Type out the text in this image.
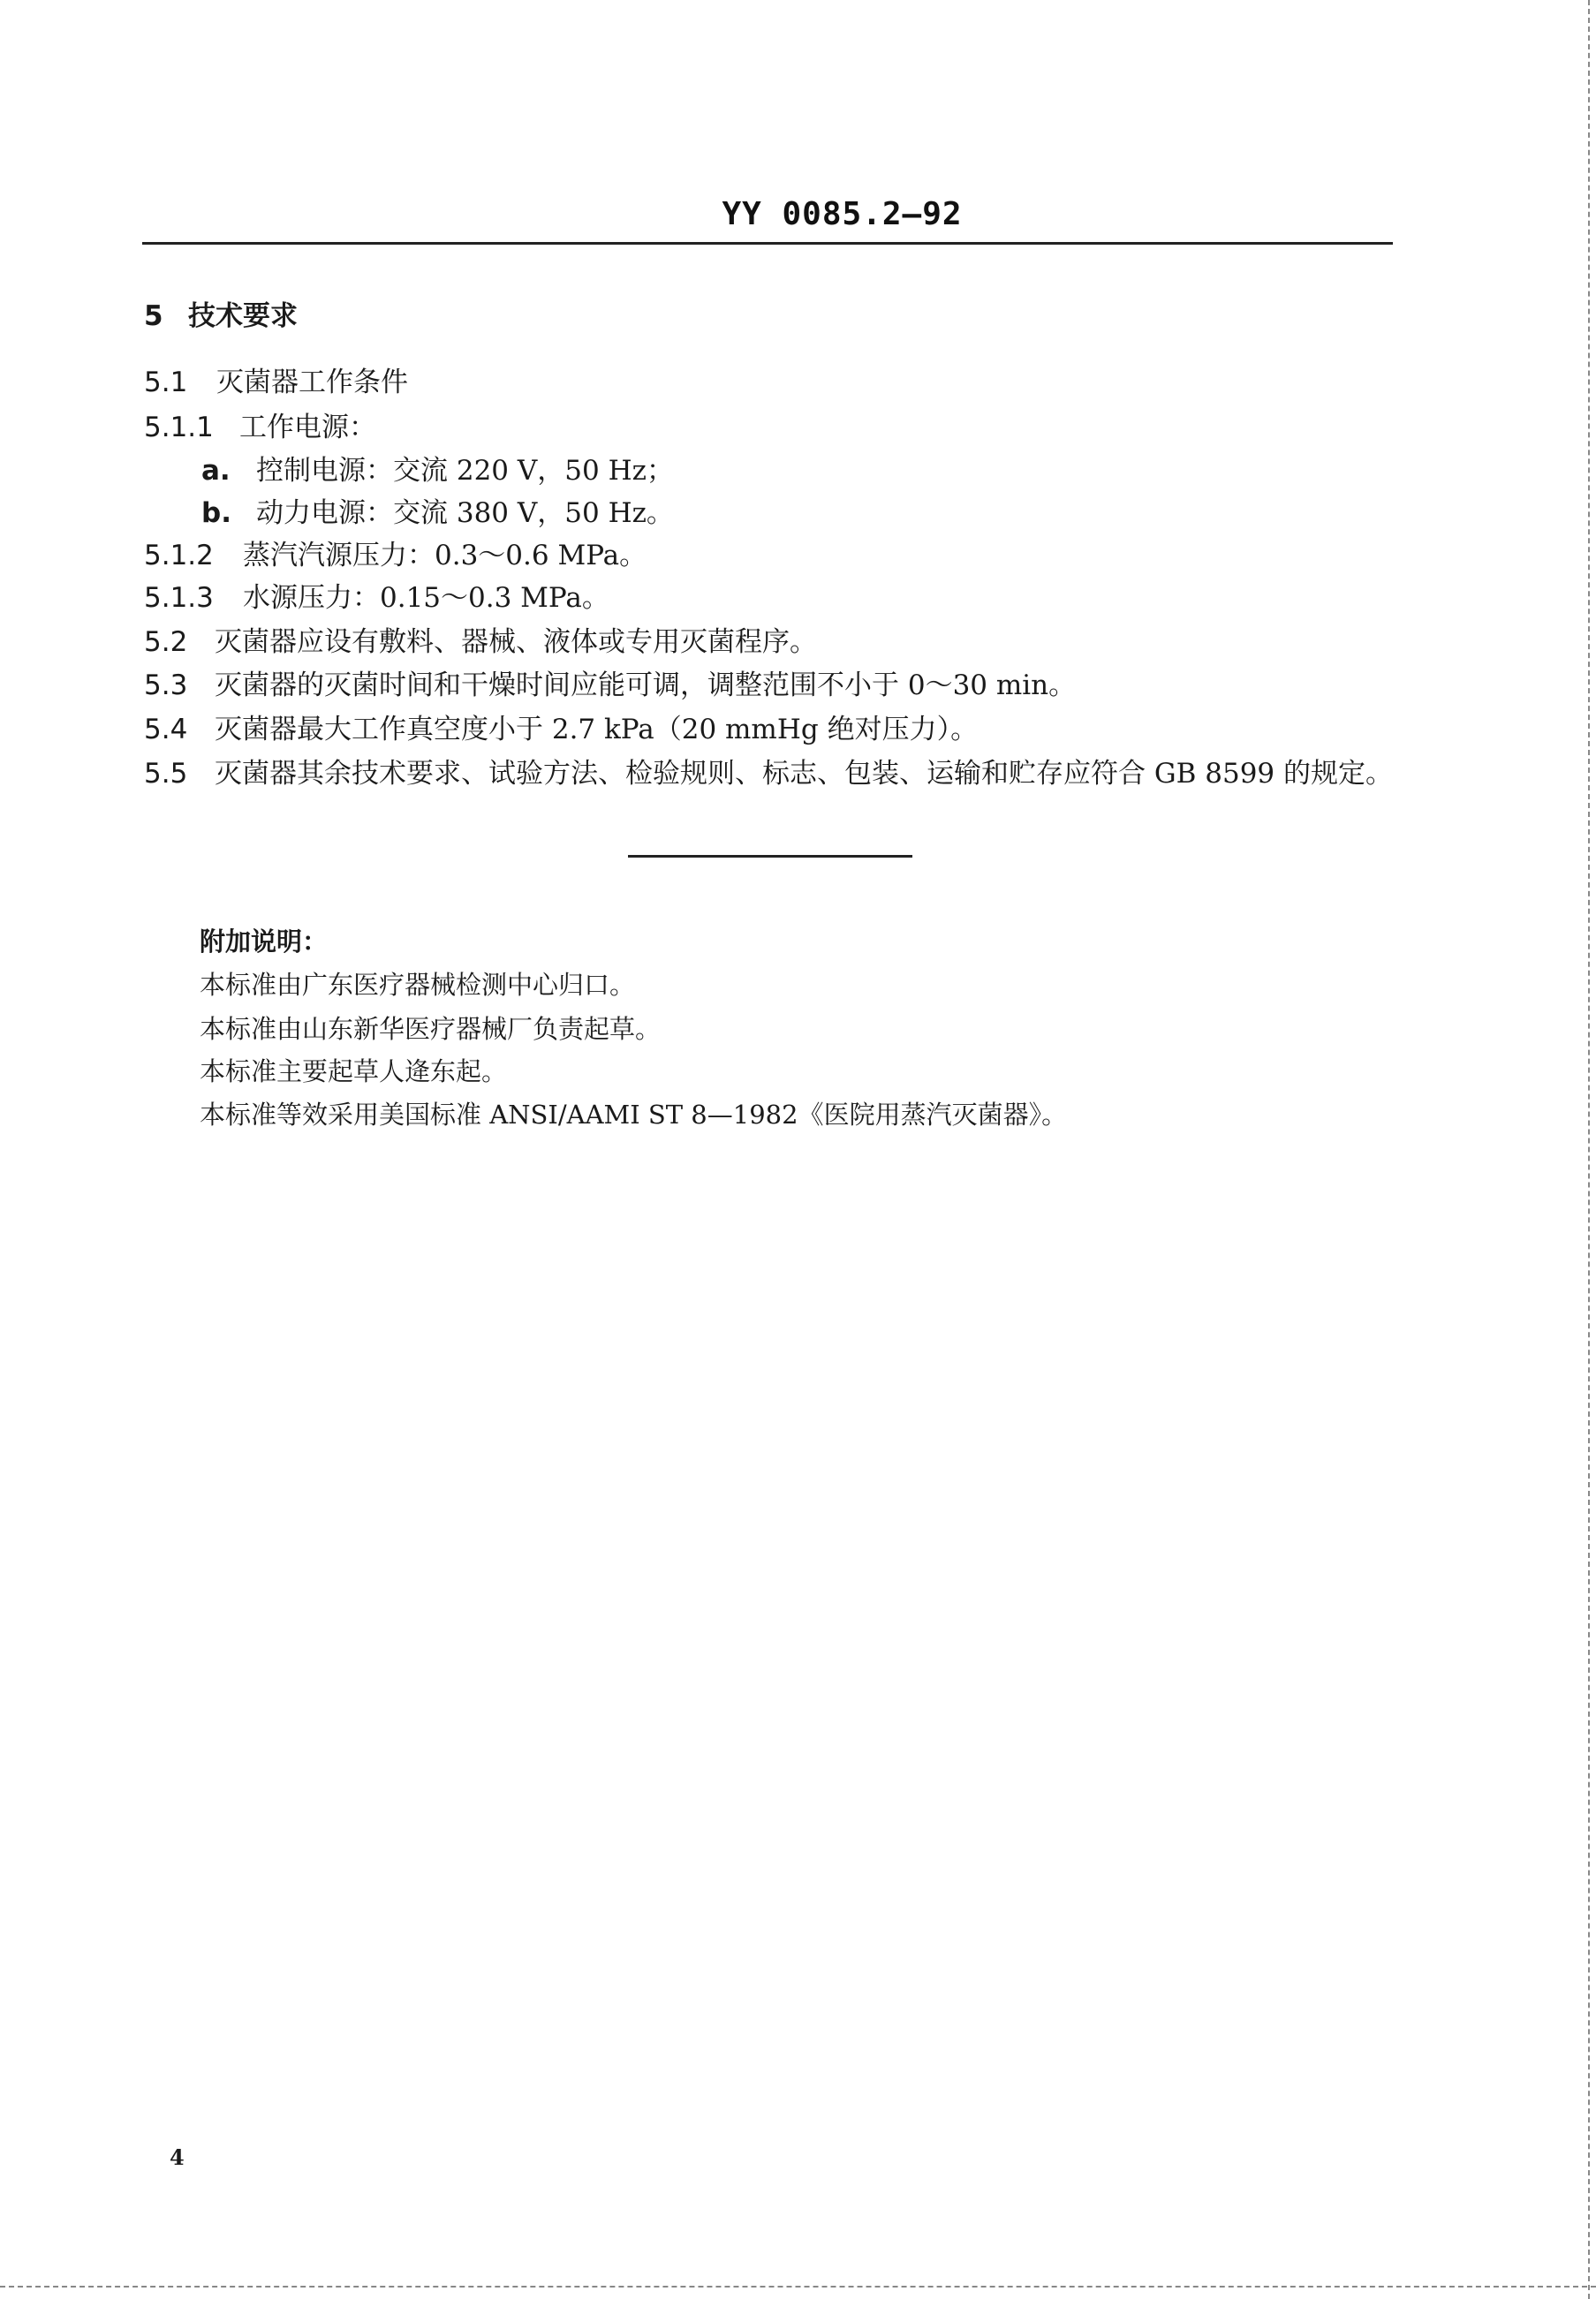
YY 0085.2—92
5 技术要求
5.1 灭菌器工作条件
5.1.1 工作电源：
a. 控制电源：交流 220 V，50 Hz；
b. 动力电源：交流 380 V，50 Hz。
5.1.2 蒸汽汽源压力：0.3～0.6 MPa。
5.1.3 水源压力：0.15～0.3 MPa。
5.2 灭菌器应设有敷料、器械、液体或专用灭菌程序。
5.3 灭菌器的灭菌时间和干燥时间应能可调，调整范围不小于 0～30 min。
5.4 灭菌器最大工作真空度小于 2.7 kPa（20 mmHg 绝对压力）。
5.5 灭菌器其余技术要求、试验方法、检验规则、标志、包装、运输和贮存应符合 GB 8599 的规定。
附加说明：
本标准由广东医疗器械检测中心归口。
本标准由山东新华医疗器械厂负责起草。
本标准主要起草人逄东起。
本标准等效采用美国标准 ANSI/AAMI ST 8—1982《医院用蒸汽灭菌器》。
4
